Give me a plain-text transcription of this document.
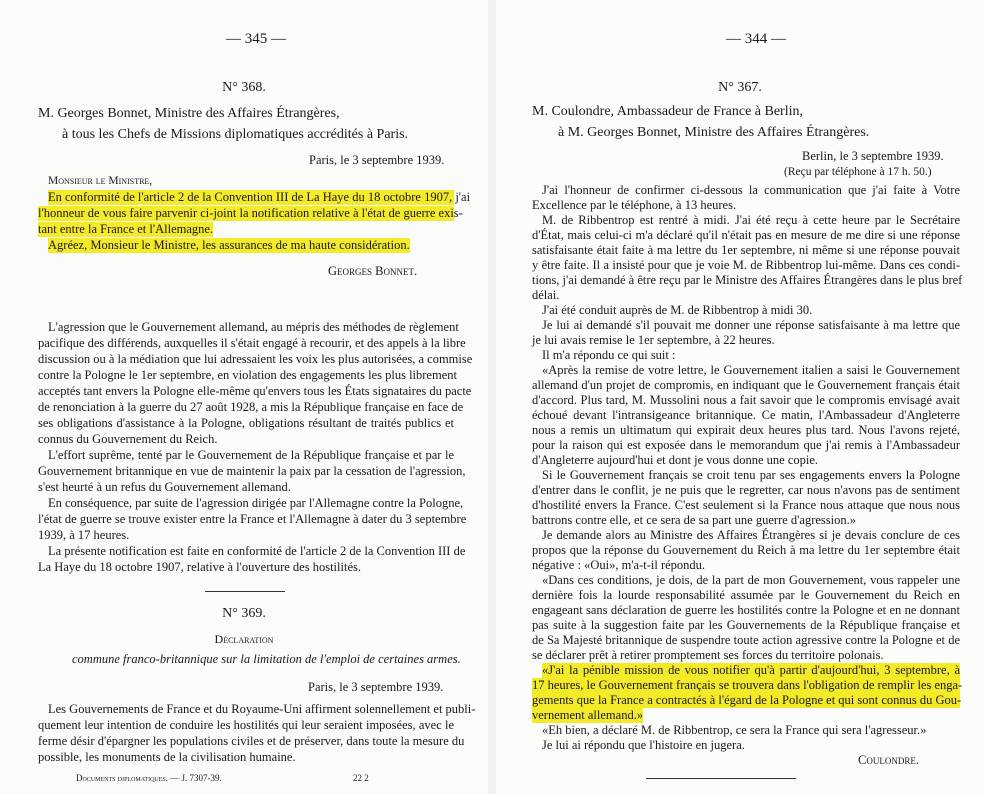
— 345 —
N° 368.
M. Georges Bonnet, Ministre des Affaires Étrangères,
à tous les Chefs de Missions diplomatiques accrédités à Paris.
Paris, le 3 septembre 1939.
Monsieur le Ministre,
En conformité de l'article 2 de la Convention III de La Haye du 18 octobre 1907, j'ai
l'honneur de vous faire parvenir ci-joint la notification relative à l'état de guerre exis-
tant entre la France et l'Allemagne.
Agréez, Monsieur le Ministre, les assurances de ma haute considération.
Georges Bonnet.
L'agression que le Gouvernement allemand, au mépris des méthodes de règlement
pacifique des différends, auxquelles il s'était engagé à recourir, et des appels à la libre
discussion ou à la médiation que lui adressaient les voix les plus autorisées, a commise
contre la Pologne le 1er septembre, en violation des engagements les plus librement
acceptés tant envers la Pologne elle-même qu'envers tous les États signataires du pacte
de renonciation à la guerre du 27 août 1928, a mis la République française en face de
ses obligations d'assistance à la Pologne, obligations résultant de traités publics et
connus du Gouvernement du Reich.
L'effort suprême, tenté par le Gouvernement de la République française et par le
Gouvernement britannique en vue de maintenir la paix par la cessation de l'agression,
s'est heurté à un refus du Gouvernement allemand.
En conséquence, par suite de l'agression dirigée par l'Allemagne contre la Pologne,
l'état de guerre se trouve exister entre la France et l'Allemagne à dater du 3 septembre
1939, à 17 heures.
La présente notification est faite en conformité de l'article 2 de la Convention III de
La Haye du 18 octobre 1907, relative à l'ouverture des hostilités.
N° 369.
Déclaration
commune franco-britannique sur la limitation de l'emploi de certaines armes.
Paris, le 3 septembre 1939.
Les Gouvernements de France et du Royaume-Uni affirment solennellement et publi-
quement leur intention de conduire les hostilités qui leur seraient imposées, avec le
ferme désir d'épargner les populations civiles et de préserver, dans toute la mesure du
possible, les monuments de la civilisation humaine.
Documents diplomatiques. — J. 7307-39.	22 2
— 344 —
N° 367.
M. Coulondre, Ambassadeur de France à Berlin,
à M. Georges Bonnet, Ministre des Affaires Étrangères.
Berlin, le 3 septembre 1939.
(Reçu par téléphone à 17 h. 50.)
J'ai l'honneur de confirmer ci-dessous la communication que j'ai faite à Votre
Excellence par le téléphone, à 13 heures.
M. de Ribbentrop est rentré à midi. J'ai été reçu à cette heure par le Secrétaire
d'État, mais celui-ci m'a déclaré qu'il n'était pas en mesure de me dire si une réponse
satisfaisante était faite à ma lettre du 1er septembre, ni même si une réponse pouvait
y être faite. Il a insisté pour que je voie M. de Ribbentrop lui-même. Dans ces condi-
tions, j'ai demandé à être reçu par le Ministre des Affaires Étrangères dans le plus bref
délai.
J'ai été conduit auprès de M. de Ribbentrop à midi 30.
Je lui ai demandé s'il pouvait me donner une réponse satisfaisante à ma lettre que
je lui avais remise le 1er septembre, à 22 heures.
Il m'a répondu ce qui suit :
«Après la remise de votre lettre, le Gouvernement italien a saisi le Gouvernement
allemand d'un projet de compromis, en indiquant que le Gouvernement français était
d'accord. Plus tard, M. Mussolini nous a fait savoir que le compromis envisagé avait
échoué devant l'intransigeance britannique. Ce matin, l'Ambassadeur d'Angleterre
nous a remis un ultimatum qui expirait deux heures plus tard. Nous l'avons rejeté,
pour la raison qui est exposée dans le memorandum que j'ai remis à l'Ambassadeur
d'Angleterre aujourd'hui et dont je vous donne une copie.
Si le Gouvernement français se croit tenu par ses engagements envers la Pologne
d'entrer dans le conflit, je ne puis que le regretter, car nous n'avons pas de sentiment
d'hostilité envers la France. C'est seulement si la France nous attaque que nous nous
battrons contre elle, et ce sera de sa part une guerre d'agression.»
Je demande alors au Ministre des Affaires Étrangères si je devais conclure de ces
propos que la réponse du Gouvernement du Reich à ma lettre du 1er septembre était
négative : «Oui», m'a-t-il répondu.
«Dans ces conditions, je dois, de la part de mon Gouvernement, vous rappeler une
dernière fois la lourde responsabilité assumée par le Gouvernement du Reich en
engageant sans déclaration de guerre les hostilités contre la Pologne et en ne donnant
pas suite à la suggestion faite par les Gouvernements de la République française et
de Sa Majesté britannique de suspendre toute action agressive contre la Pologne et de
se déclarer prêt à retirer promptement ses forces du territoire polonais.
«J'ai la pénible mission de vous notifier qu'à partir d'aujourd'hui, 3 septembre, à
17 heures, le Gouvernement français se trouvera dans l'obligation de remplir les enga-
gements que la France a contractés à l'égard de la Pologne et qui sont connus du Gou-
vernement allemand.»
«Eh bien, a déclaré M. de Ribbentrop, ce sera la France qui sera l'agresseur.»
Je lui ai répondu que l'histoire en jugera.
Coulondre.
